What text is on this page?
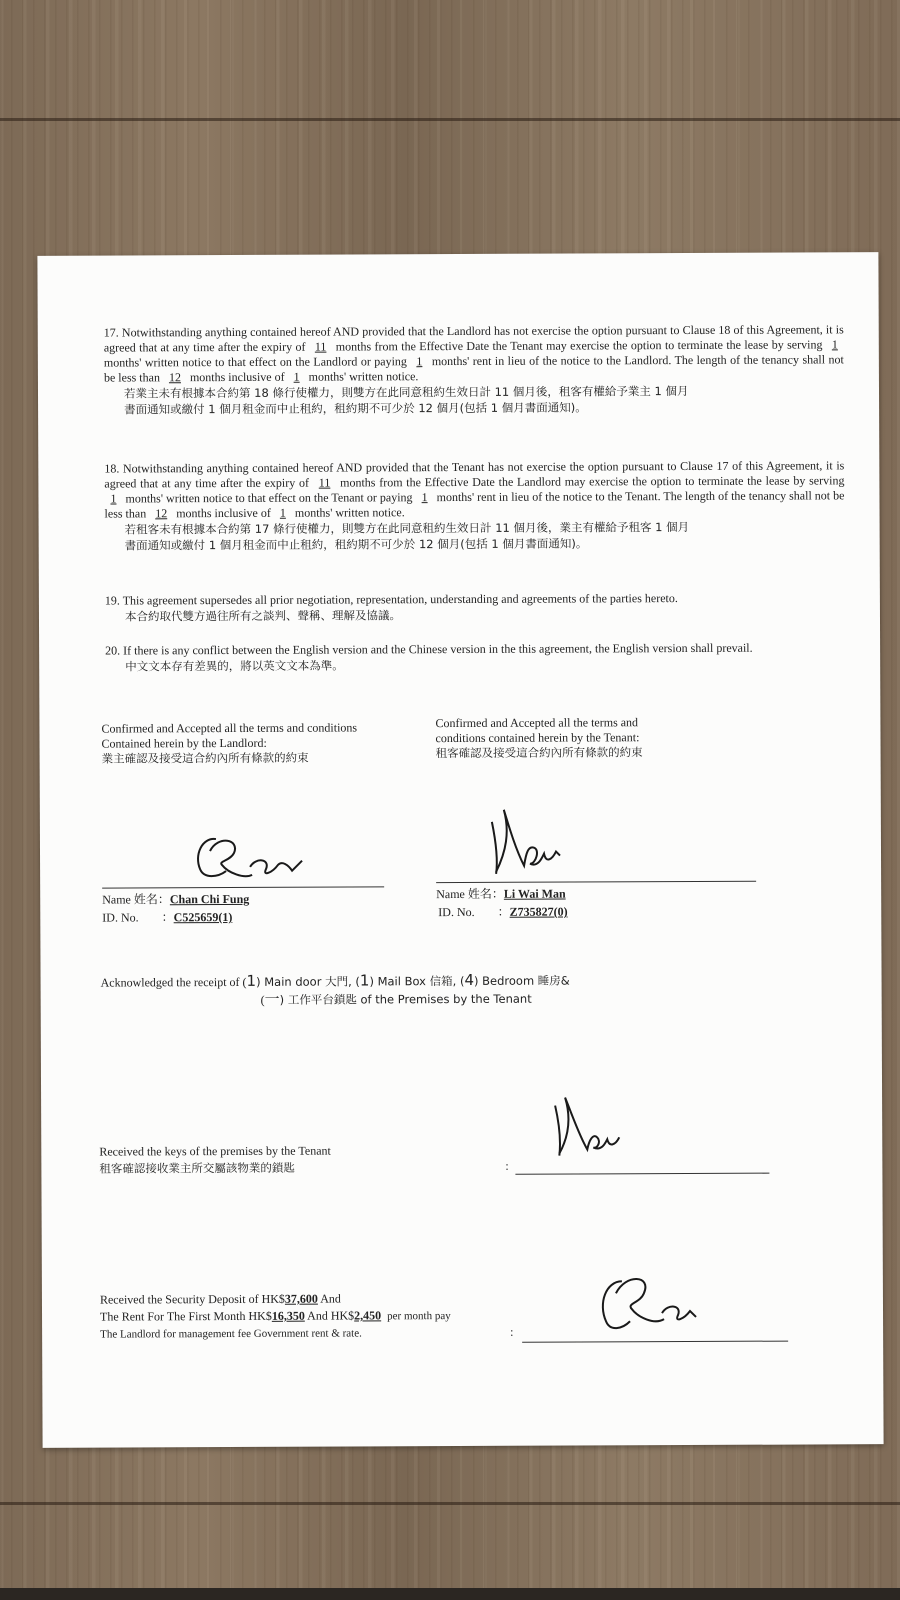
17. Notwithstanding anything contained hereof AND provided that the Landlord has not exercise the option pursuant to Clause 18 of this Agreement, it is agreed that at any time after the expiry of 11 months from the Effective Date the Tenant may exercise the option to terminate the lease by serving 1 months' written notice to that effect on the Landlord or paying 1 months' rent in lieu of the notice to the Landlord. The length of the tenancy shall not be less than 12 months inclusive of 1 months' written notice.
若業主未有根據本合約第 18 條行使權力，則雙方在此同意租約生效日計 11 個月後，租客有權給予業主 1 個月
書面通知或繳付 1 個月租金而中止租約，租約期不可少於 12 個月(包括 1 個月書面通知)。
18. Notwithstanding anything contained hereof AND provided that the Tenant has not exercise the option pursuant to Clause 17 of this Agreement, it is agreed that at any time after the expiry of 11 months from the Effective Date the Landlord may exercise the option to terminate the lease by serving 1 months' written notice to that effect on the Tenant or paying 1 months' rent in lieu of the notice to the Tenant. The length of the tenancy shall not be less than 12 months inclusive of 1 months' written notice.
若租客未有根據本合約第 17 條行使權力，則雙方在此同意租約生效日計 11 個月後，業主有權給予租客 1 個月
書面通知或繳付 1 個月租金而中止租約，租約期不可少於 12 個月(包括 1 個月書面通知)。
19. This agreement supersedes all prior negotiation, representation, understanding and agreements of the parties hereto.
本合約取代雙方過往所有之談判、聲稱、理解及協議。
20. If there is any conflict between the English version and the Chinese version in the this agreement, the English version shall prevail.
中文文本存有差異的，將以英文文本為準。
Confirmed and Accepted all the terms and conditions
Contained herein by the Landlord:
業主確認及接受這合約內所有條款的約束
Confirmed and Accepted all the terms and
conditions contained herein by the Tenant:
租客確認及接受這合約內所有條款的約束
Name 姓名：Chan Chi Fung
ID. No. ：C525659(1)
Name 姓名：Li Wai Man
ID. No. ：Z735827(0)
Acknowledged the receipt of (1) Main door 大門, (1) Mail Box 信箱, (4) Bedroom 睡房&
(一) 工作平台鎖匙 of the Premises by the Tenant
Received the keys of the premises by the Tenant
租客確認接收業主所交屬該物業的鎖匙	:
Received the Security Deposit of HK$37,600 And
The Rent For The First Month HK$16,350 And HK$2,450 per month pay
The Landlord for management fee Government rent & rate.	:
